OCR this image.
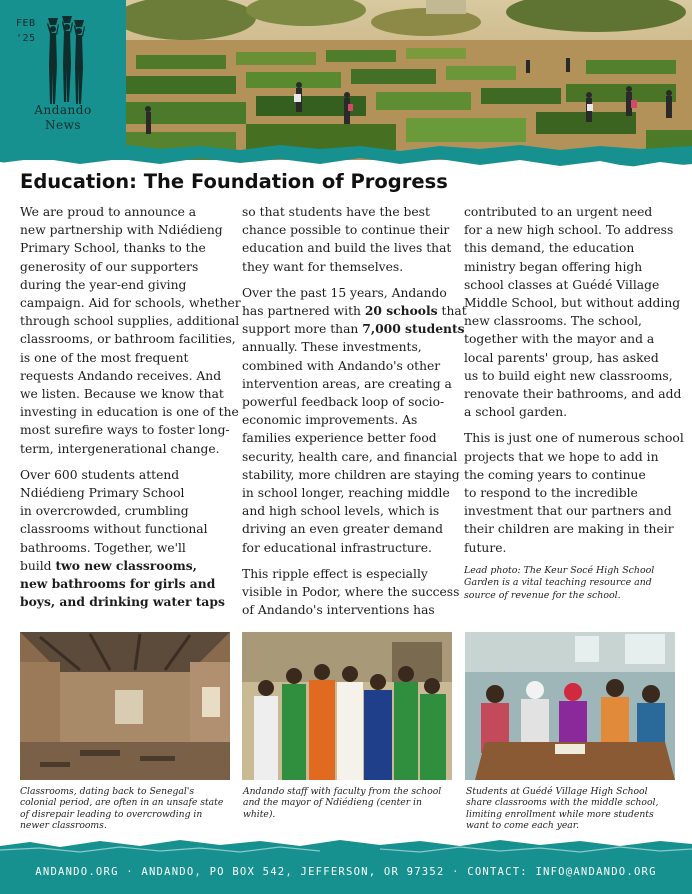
FEB
'25
Andando
News
Education: The Foundation of Progress

We are proud to announce a
new partnership with Ndiédieng
Primary School, thanks to the
generosity of our supporters
during the year-end giving
campaign. Aid for schools, whether
through school supplies, additional
classrooms, or bathroom facilities,
is one of the most frequent
requests Andando receives. And
we listen. Because we know that
investing in education is one of the
most surefire ways to foster long-
term, intergenerational change.

Over 600 students attend
Ndiédieng Primary School
in overcrowded, crumbling
classrooms without functional
bathrooms. Together, we'll
build two new classrooms,
new bathrooms for girls and
boys, and drinking water taps

so that students have the best
chance possible to continue their
education and build the lives that
they want for themselves.

Over the past 15 years, Andando
has partnered with 20 schools that
support more than 7,000 students
annually. These investments,
combined with Andando's other
intervention areas, are creating a
powerful feedback loop of socio-
economic improvements. As
families experience better food
security, health care, and financial
stability, more children are staying
in school longer, reaching middle
and high school levels, which is
driving an even greater demand
for educational infrastructure.

This ripple effect is especially
visible in Podor, where the success
of Andando's interventions has

contributed to an urgent need
for a new high school. To address
this demand, the education
ministry began offering high
school classes at Guédé Village
Middle School, but without adding
new classrooms. The school,
together with the mayor and a
local parents' group, has asked
us to build eight new classrooms,
renovate their bathrooms, and add
a school garden.

This is just one of numerous school
projects that we hope to add in
the coming years to continue
to respond to the incredible
investment that our partners and
their children are making in their
future.

Lead photo: The Keur Socé High School
Garden is a vital teaching resource and
source of revenue for the school.
Classrooms, dating back to Senegal's
colonial period, are often in an unsafe state
of disrepair leading to overcrowding in
newer classrooms.
Andando staff with faculty from the school
and the mayor of Ndiédieng (center in
white).
Students at Guédé Village High School
share classrooms with the middle school,
limiting enrollment while more students
want to come each year.
ANDANDO.ORG · ANDANDO, PO BOX 542, JEFFERSON, OR 97352 · CONTACT: INFO@ANDANDO.ORG
